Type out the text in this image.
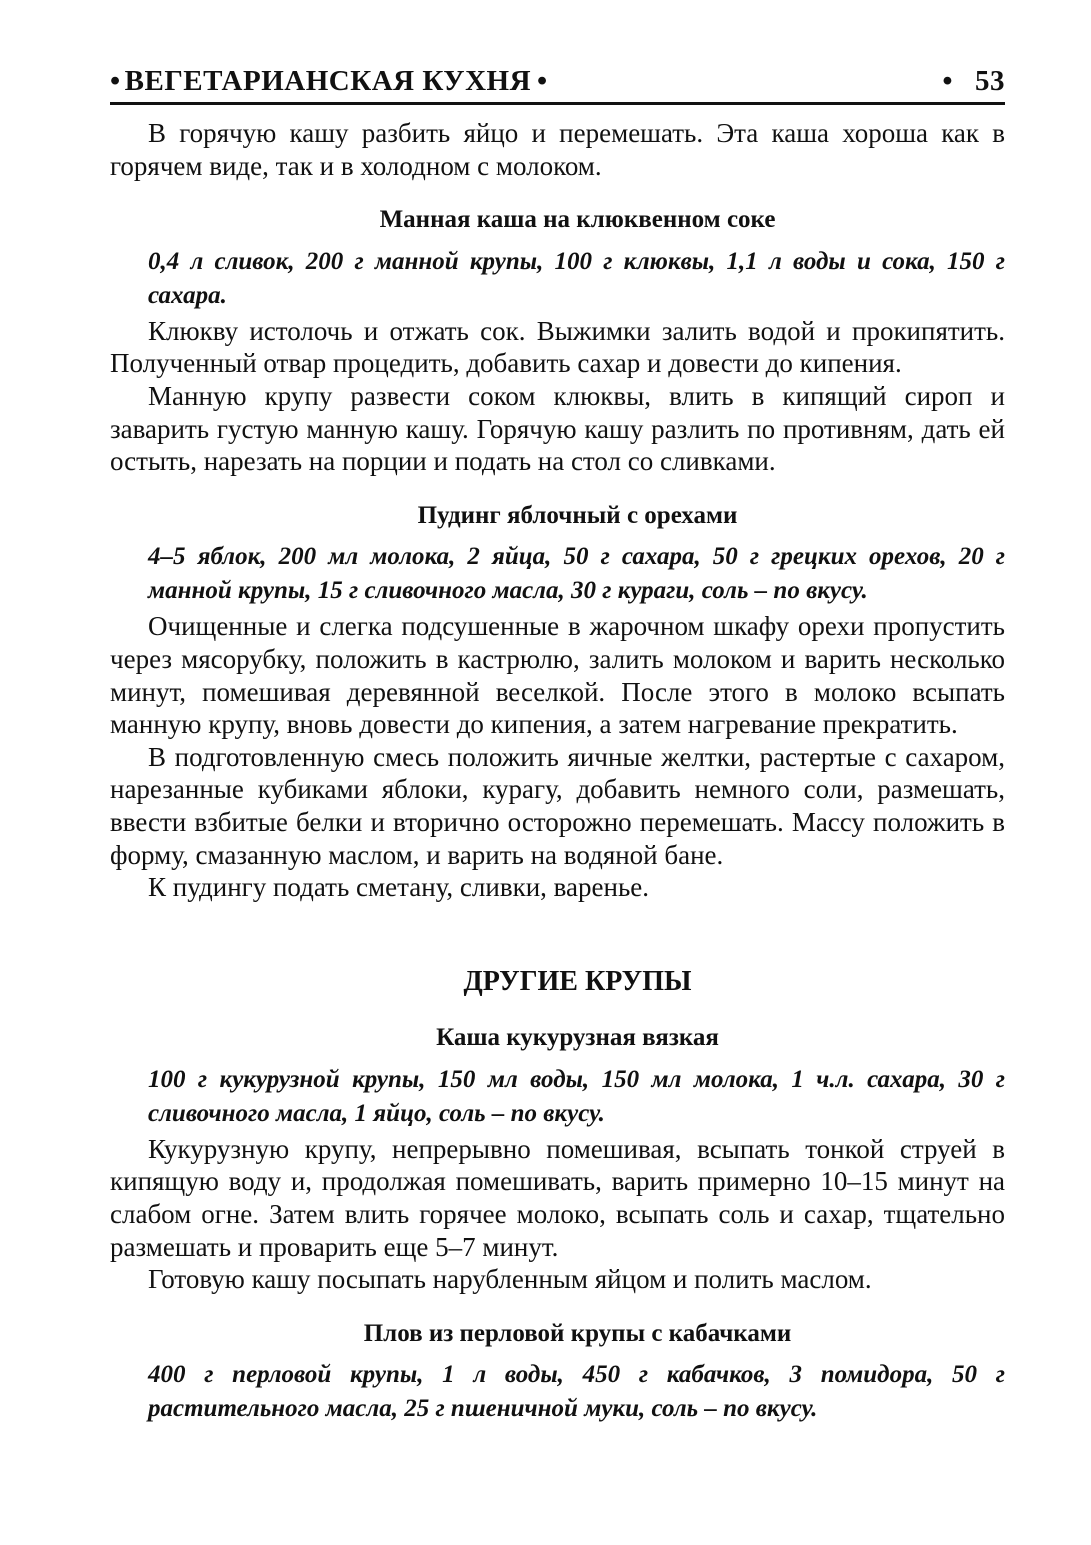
• ВЕГЕТАРИАНСКАЯ КУХНЯ •
•	53

В горячую кашу разбить яйцо и перемешать. Эта каша хороша как в горячем виде, так и в холодном с молоком.

Манная каша на клюквенном соке
0,4 л сливок, 200 г манной крупы, 100 г клюквы, 1,1 л воды и сока, 150 г сахара.

Клюкву истолочь и отжать сок. Выжимки залить водой и прокипятить. Полученный отвар процедить, добавить сахар и довести до кипения.

Манную крупу развести соком клюквы, влить в кипящий сироп и заварить густую манную кашу. Горячую кашу разлить по противням, дать ей остыть, нарезать на порции и подать на стол со сливками.

Пудинг яблочный с орехами
4–5 яблок, 200 мл молока, 2 яйца, 50 г сахара, 50 г грецких орехов, 20 г манной крупы, 15 г сливочного масла, 30 г кураги, соль – по вкусу.

Очищенные и слегка подсушенные в жарочном шкафу орехи пропустить через мясорубку, положить в кастрюлю, залить молоком и варить несколько минут, помешивая деревянной веселкой. После этого в молоко всыпать манную крупу, вновь довести до кипения, а затем нагревание прекратить.

В подготовленную смесь положить яичные желтки, растертые с сахаром, нарезанные кубиками яблоки, курагу, добавить немного соли, размешать, ввести взбитые белки и вторично осторожно перемешать. Массу положить в форму, смазанную маслом, и варить на водяной бане.

К пудингу подать сметану, сливки, варенье.

ДРУГИЕ КРУПЫ
Каша кукурузная вязкая
100 г кукурузной крупы, 150 мл воды, 150 мл молока, 1 ч.л. сахара, 30 г сливочного масла, 1 яйцо, соль – по вкусу.

Кукурузную крупу, непрерывно помешивая, всыпать тонкой струей в кипящую воду и, продолжая помешивать, варить примерно 10–15 минут на слабом огне. Затем влить горячее молоко, всыпать соль и сахар, тщательно размешать и проварить еще 5–7 минут.

Готовую кашу посыпать нарубленным яйцом и полить маслом.

Плов из перловой крупы с кабачками
400 г перловой крупы, 1 л воды, 450 г кабачков, 3 помидора, 50 г растительного масла, 25 г пшеничной муки, соль – по вкусу.
